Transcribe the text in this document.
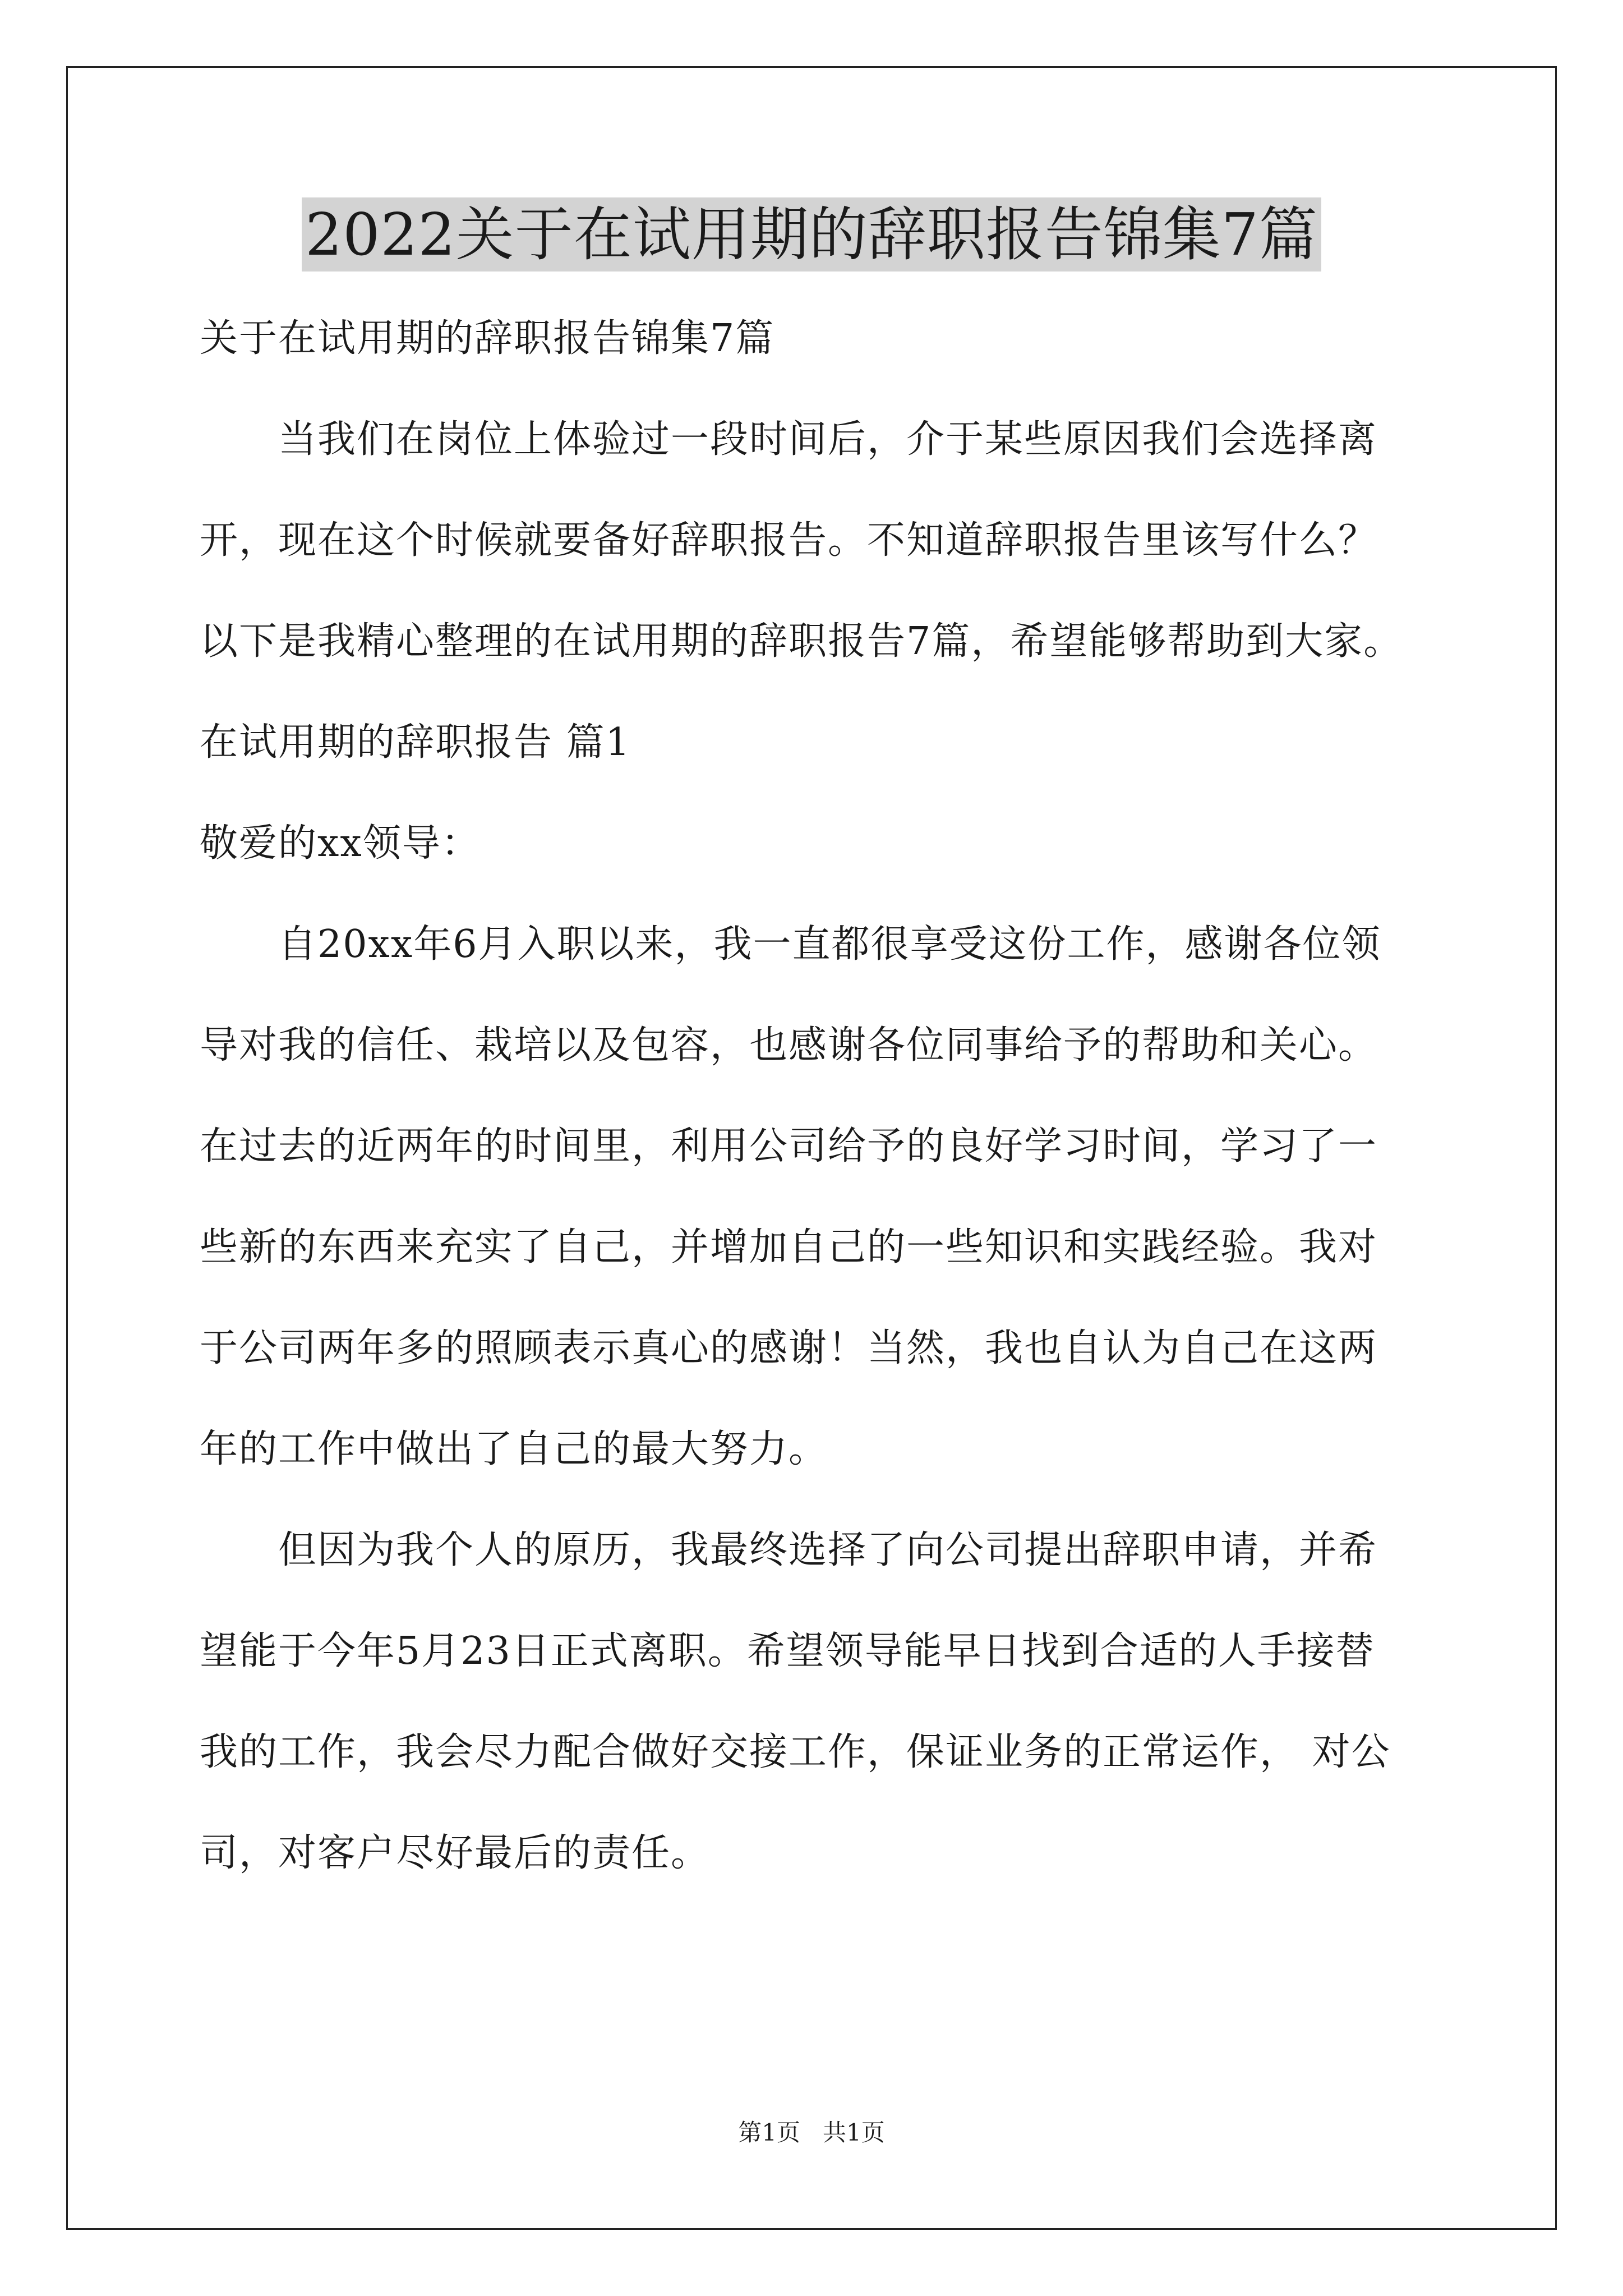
2022关于在试用期的辞职报告锦集7篇
关于在试用期的辞职报告锦集7篇
　　当我们在岗位上体验过一段时间后，介于某些原因我们会选择离
开，现在这个时候就要备好辞职报告。不知道辞职报告里该写什么？
以下是我精心整理的在试用期的辞职报告7篇，希望能够帮助到大家。
在试用期的辞职报告 篇1
敬爱的xx领导：
　　自20xx年6月入职以来，我一直都很享受这份工作，感谢各位领
导对我的信任、栽培以及包容，也感谢各位同事给予的帮助和关心。
在过去的近两年的时间里，利用公司给予的良好学习时间，学习了一
些新的东西来充实了自己，并增加自己的一些知识和实践经验。我对
于公司两年多的照顾表示真心的感谢！当然，我也自认为自己在这两
年的工作中做出了自己的最大努力。
　　但因为我个人的原历，我最终选择了向公司提出辞职申请，并希
望能于今年5月23日正式离职。希望领导能早日找到合适的人手接替
我的工作，我会尽力配合做好交接工作，保证业务的正常运作， 对公
司，对客户尽好最后的责任。
第1页   共1页
